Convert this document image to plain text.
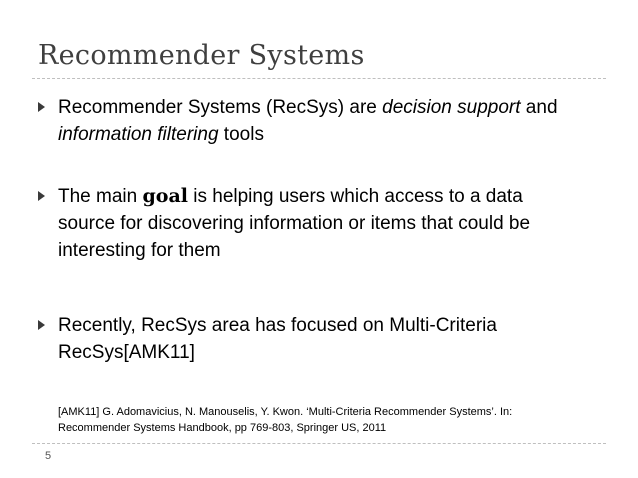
Recommender Systems
Recommender Systems (RecSys) are decision support and
information filtering tools
The main goal is helping users which access to a data
source for discovering information or items that could be
interesting for them
Recently, RecSys area has focused on Multi-Criteria
RecSys[AMK11]
[AMK11] G. Adomavicius, N. Manouselis, Y. Kwon. ‘Multi-Criteria Recommender Systems’. In:
Recommender Systems Handbook, pp 769-803, Springer US, 2011
5
